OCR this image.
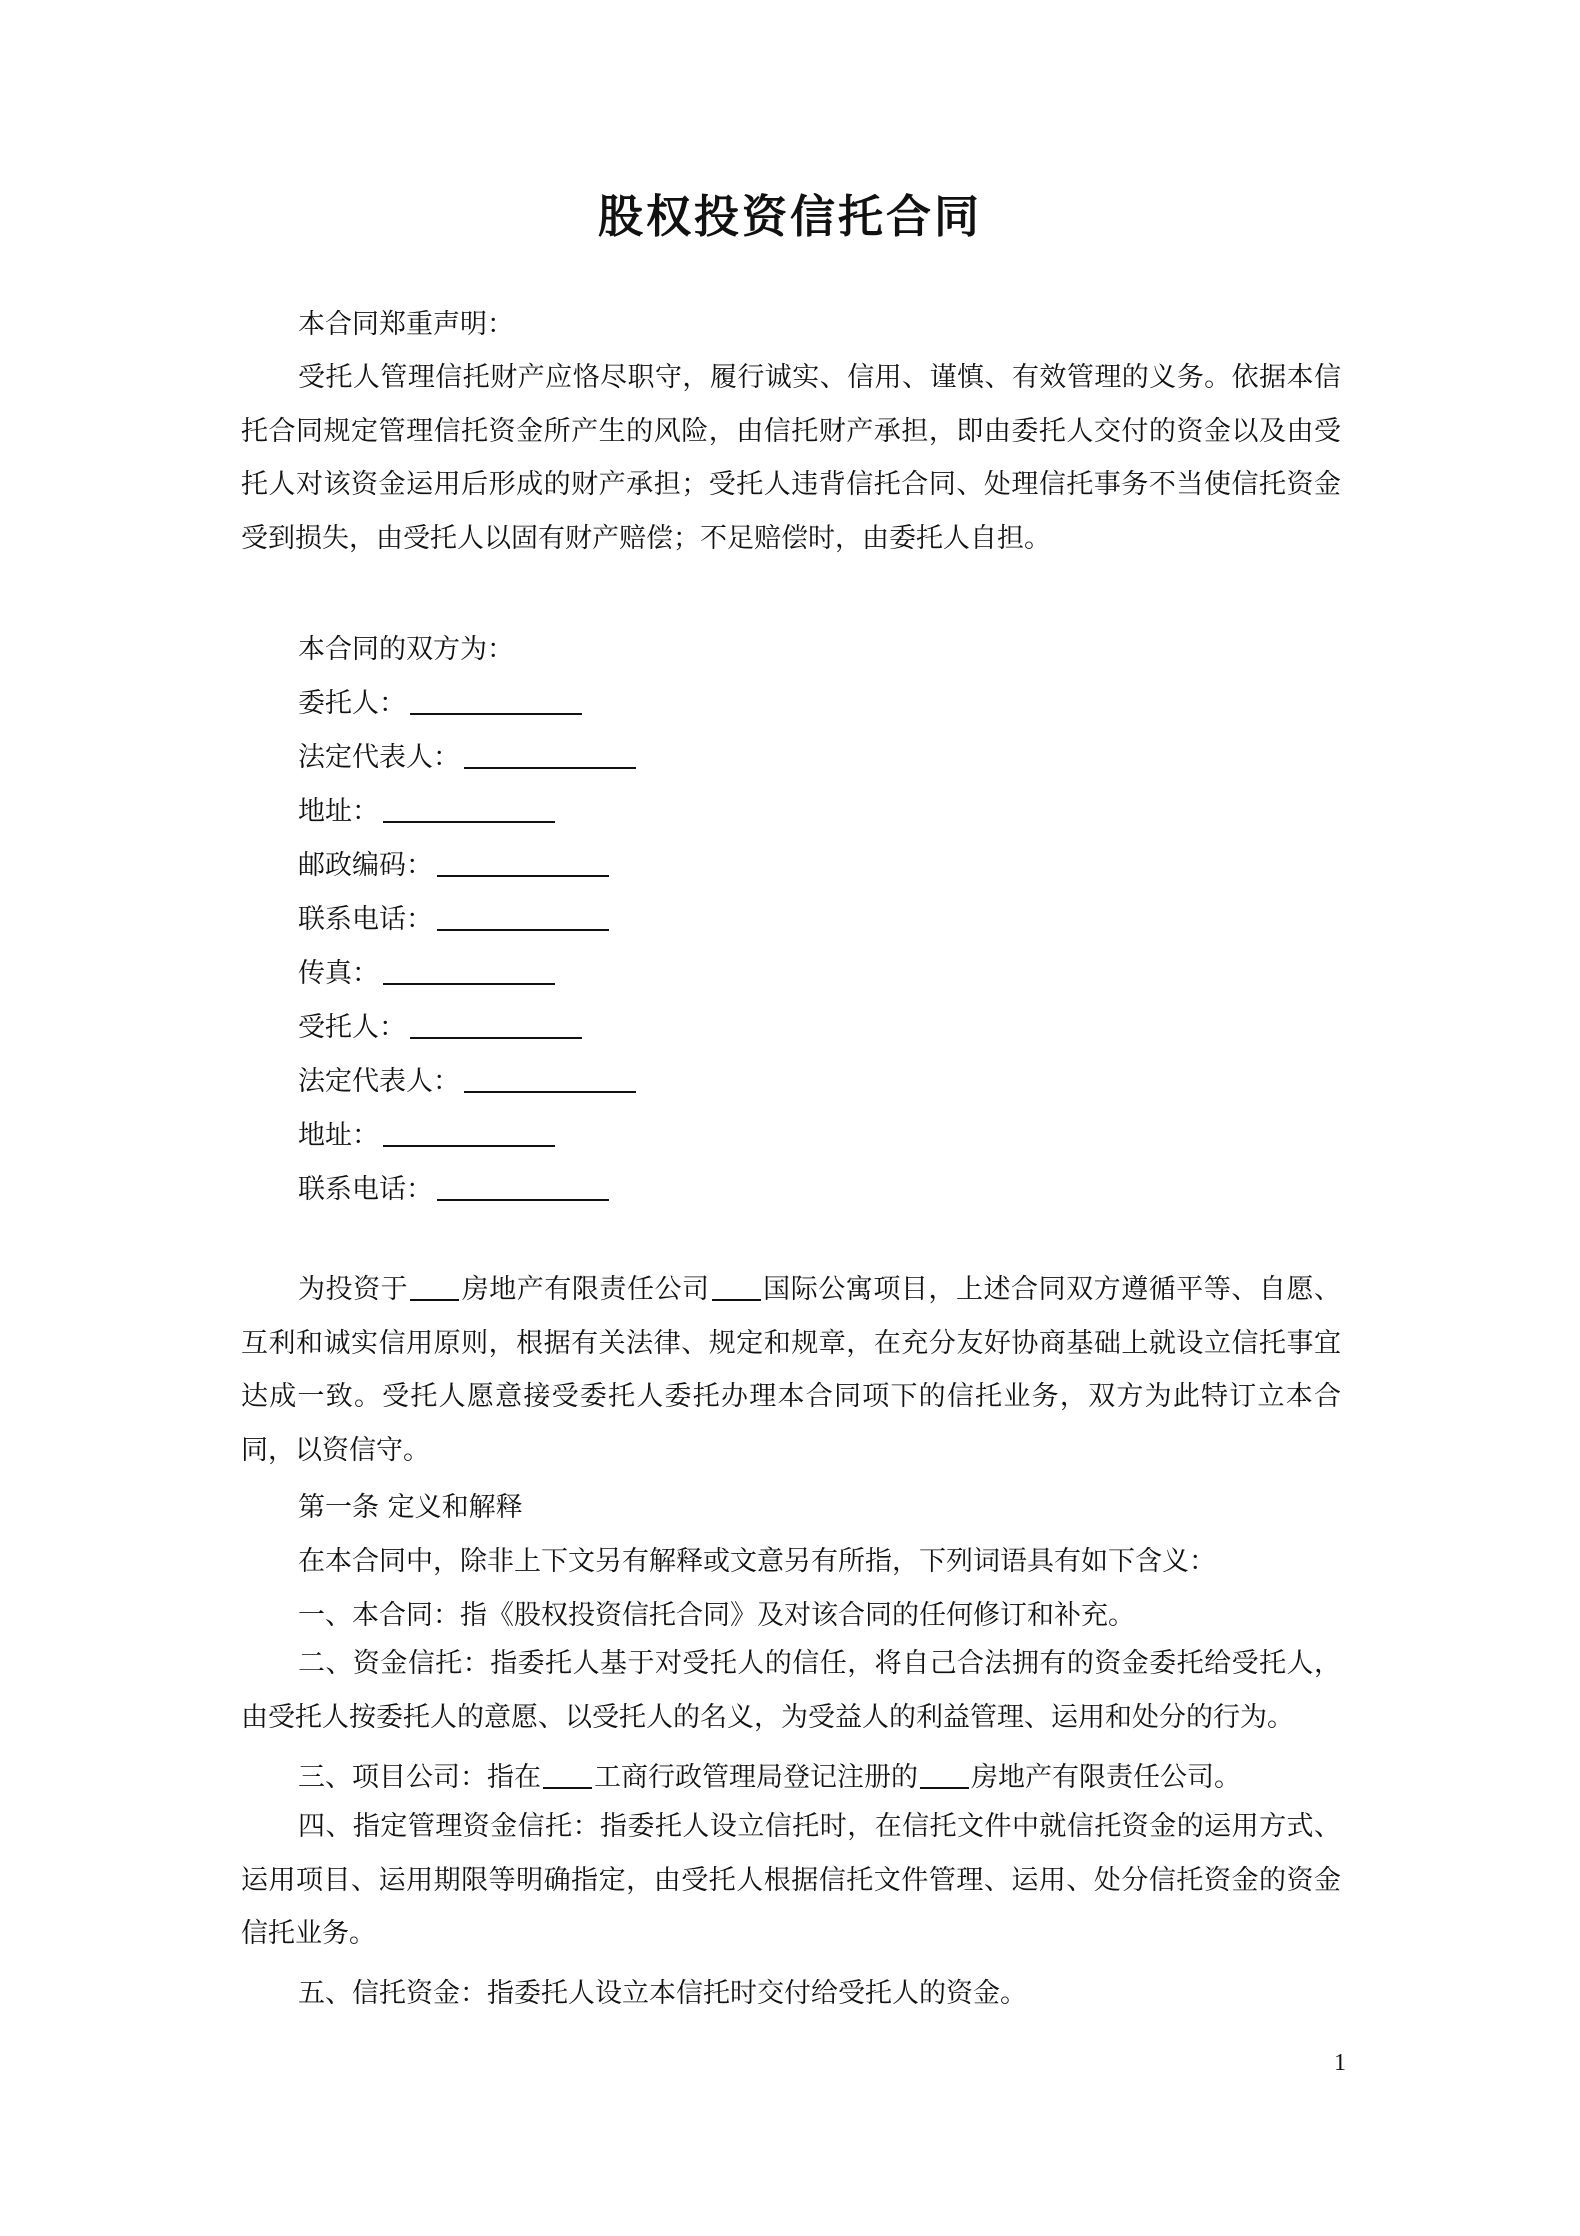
股权投资信托合同
本合同郑重声明：
受托人管理信托财产应恪尽职守，履行诚实、信用、谨慎、有效管理的义务。依据本信托合同规定管理信托资金所产生的风险，由信托财产承担，即由委托人交付的资金以及由受托人对该资金运用后形成的财产承担；受托人违背信托合同、处理信托事务不当使信托资金受到损失，由受托人以固有财产赔偿；不足赔偿时，由委托人自担。
本合同的双方为：
委托人：
法定代表人：
地址：
邮政编码：
联系电话：
传真：
受托人：
法定代表人：
地址：
联系电话：
为投资于 房地产有限责任公司 国际公寓项目，上述合同双方遵循平等、自愿、互利和诚实信用原则，根据有关法律、规定和规章，在充分友好协商基础上就设立信托事宜达成一致。受托人愿意接受委托人委托办理本合同项下的信托业务，双方为此特订立本合同，以资信守。
第一条 定义和解释
在本合同中，除非上下文另有解释或文意另有所指，下列词语具有如下含义：
一、本合同：指《股权投资信托合同》及对该合同的任何修订和补充。
二、资金信托：指委托人基于对受托人的信任，将自己合法拥有的资金委托给受托人，由受托人按委托人的意愿、以受托人的名义，为受益人的利益管理、运用和处分的行为。
三、项目公司：指在 工商行政管理局登记注册的 房地产有限责任公司。
四、指定管理资金信托：指委托人设立信托时，在信托文件中就信托资金的运用方式、运用项目、运用期限等明确指定，由受托人根据信托文件管理、运用、处分信托资金的资金信托业务。
五、信托资金：指委托人设立本信托时交付给受托人的资金。
1
